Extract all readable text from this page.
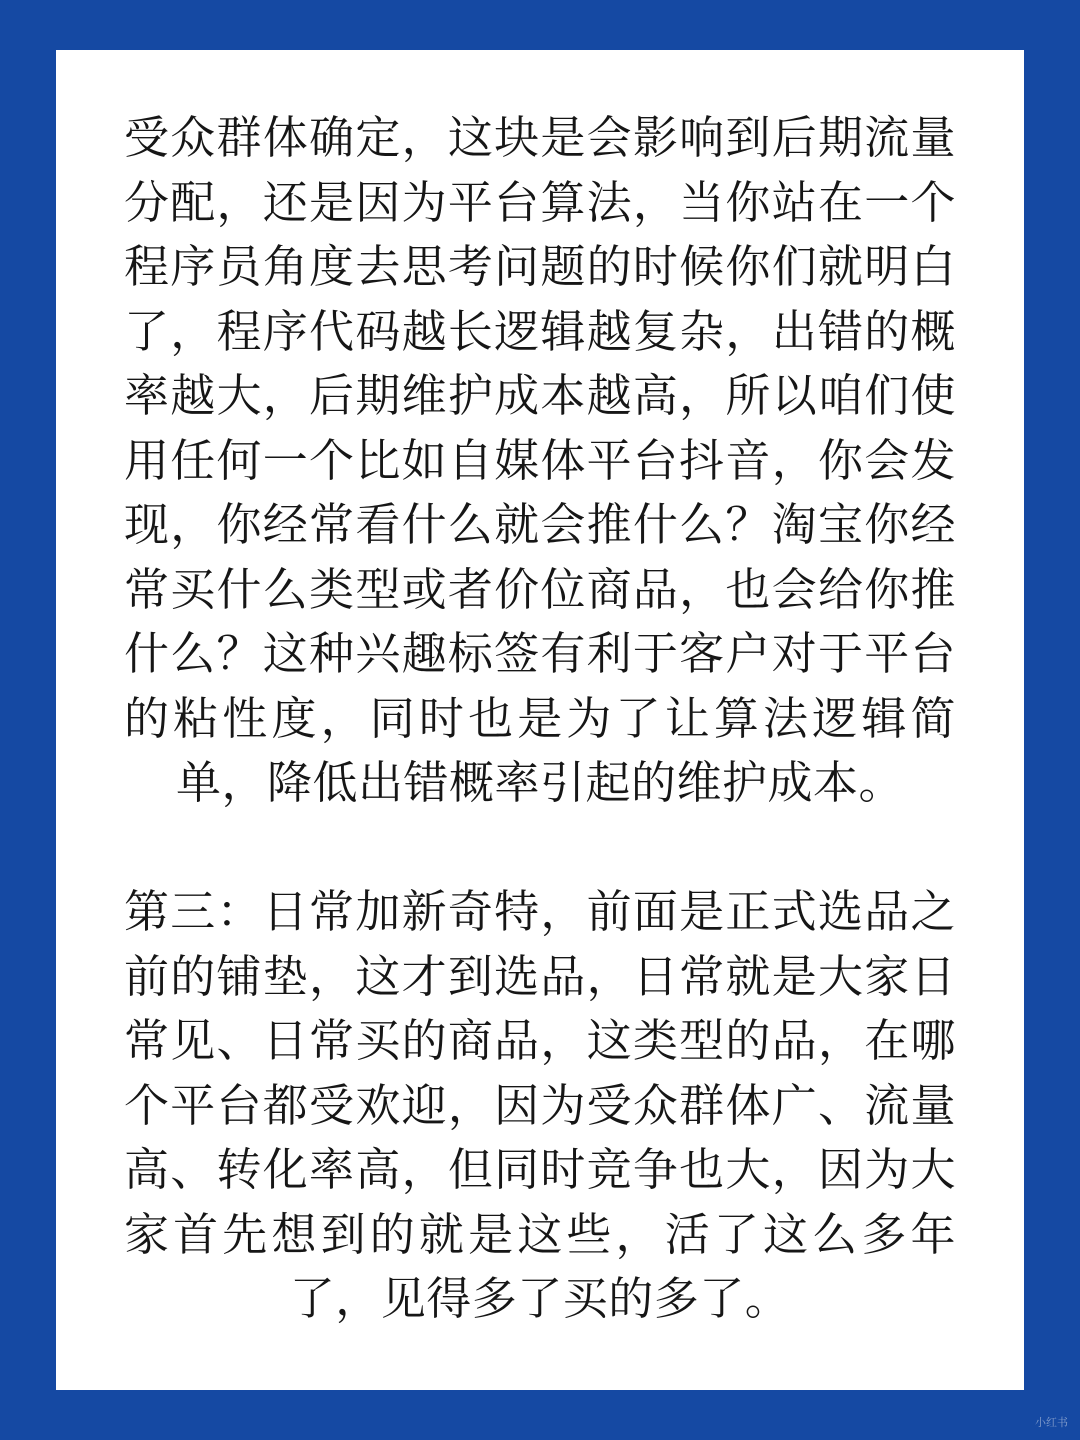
受众群体确定，这块是会影响到后期流量分配，还是因为平台算法，当你站在一个程序员角度去思考问题的时候你们就明白了，程序代码越长逻辑越复杂，出错的概率越大，后期维护成本越高，所以咱们使用任何一个比如自媒体平台抖音，你会发现，你经常看什么就会推什么？淘宝你经常买什么类型或者价位商品，也会给你推什么？这种兴趣标签有利于客户对于平台的粘性度，同时也是为了让算法逻辑简单，降低出错概率引起的维护成本。

第三：日常加新奇特，前面是正式选品之前的铺垫，这才到选品，日常就是大家日常见、日常买的商品，这类型的品，在哪个平台都受欢迎，因为受众群体广、流量高、转化率高，但同时竞争也大，因为大家首先想到的就是这些，活了这么多年了，见得多了买的多了。

小红书
